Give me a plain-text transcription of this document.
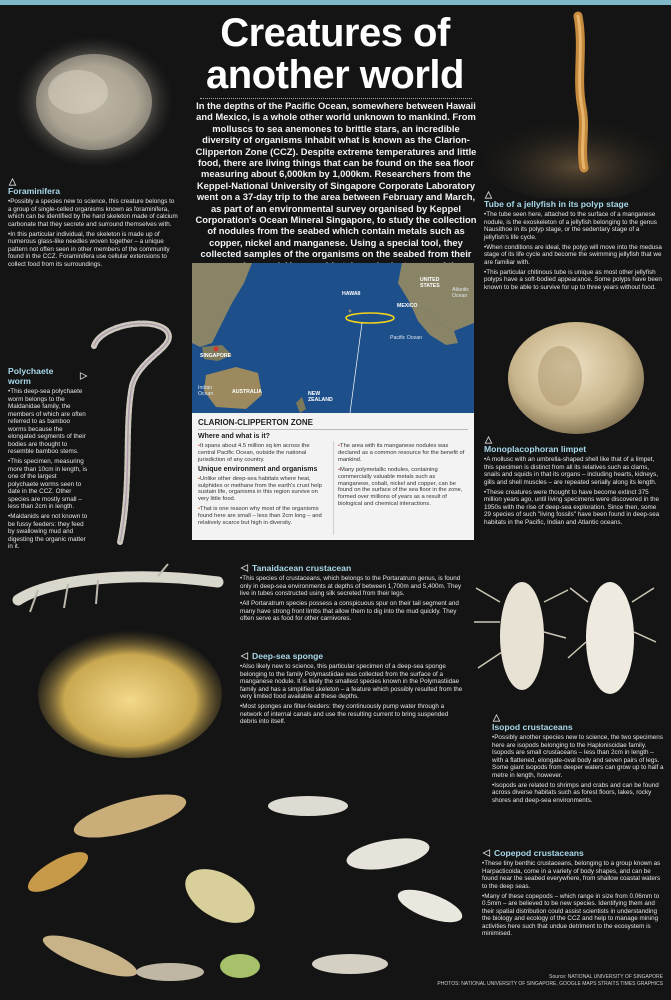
Creatures of
another world
In the depths of the Pacific Ocean, somewhere between Hawaii and Mexico, is a whole other world unknown to mankind. From molluscs to sea anemones to brittle stars, an incredible diversity of organisms inhabit what is known as the Clarion-Clipperton Zone (CCZ). Despite extreme temperatures and little food, there are living things that can be found on the sea floor measuring about 6,000km by 1,000km. Researchers from the Keppel-National University of Singapore Corporate Laboratory went on a 37-day trip to the area between February and March, as part of an environmental survey organised by Keppel Corporation's Ocean Mineral Singapore, to study the collection of nodules from the seabed which contain metals such as copper, nickel and manganese. Using a special tool, they collected samples of the organisms on the seabed from their
Foraminifera

• Possibly a species new to science, this creature belongs to a group of single-celled organisms known as foraminifera, which can be identified by the hard skeleton made of calcium carbonate that they secrete and surround themselves with.

• In this particular individual, the skeleton is made up of numerous glass-like needles woven together – a unique pattern not often seen in other members of the community found in the CCZ. Foraminifera use cellular extensions to collect food from its surroundings.

Polychaete worm

• This deep-sea polychaete worm belongs to the Maldanidae family, the members of which are often referred to as bamboo worms because the elongated segments of their bodies are thought to resemble bamboo stems.

• This specimen, measuring more than 10cm in length, is one of the largest polychaete worms seen to date in the CCZ. Other species are mostly small – less than 2cm in length.

• Maldanids are not known to be fussy feeders: they feed by swallowing mud and digesting the organic matter in it.

Tube of a jellyfish in its polyp stage

• The tube seen here, attached to the surface of a manganese nodule, is the exoskeleton of a jellyfish belonging to the genus Nausithoe in its polyp stage, or the sedentary stage of a jellyfish's life cycle.

• When conditions are ideal, the polyp will move into the medusa stage of its life cycle and become the swimming jellyfish that we are familiar with.

• This particular chitinous tube is unique as most other jellyfish polyps have a soft-bodied appearance. Some polyps have been known to be able to survive for up to three years without food.

Monoplacophoran limpet

• A mollusc with an umbrella-shaped shell like that of a limpet, this specimen is distinct from all its relatives such as clams, snails and squids in that its organs – including hearts, kidneys, gills and shell muscles – are repeated serially along its length.

• These creatures were thought to have become extinct 375 million years ago, until living specimens were discovered in the 1950s with the rise of deep-sea exploration. Since then, some 29 species of such "living fossils" have been found in deep-sea habitats in the Pacific, Indian and Atlantic oceans.

Tanaidacean crustacean

• This species of crustaceans, which belongs to the Portaratrum genus, is found only in deep-sea environments at depths of between 1,700m and 5,400m. They live in tubes constructed using silk secreted from their legs.

• All Portaratrum species possess a conspicuous spur on their tail segment and many have strong front limbs that allow them to dig into the mud quickly. They often serve as food for other carnivores.

Deep-sea sponge

• Also likely new to science, this particular specimen of a deep-sea sponge belonging to the family Polymastiidae was collected from the surface of a manganese nodule. It is likely the smallest species known in the Polymastiidae family and has a simplified skeleton – a feature which possibly resulted from the very limited food available at these depths.

• Most sponges are filter-feeders: they continuously pump water through a network of internal canals and use the resulting current to bring suspended debris into itself.

Isopod crustaceans

• Possibly another species new to science, the two specimens here are isopods belonging to the Haploniscidae family. Isopods are small crustaceans – less than 2cm in length – with a flattened, elongate-oval body and seven pairs of legs. Some giant isopods from deeper waters can grow up to half a metre in length, however.

• Isopods are related to shrimps and crabs and can be found across diverse habitats such as forest floors, lakes, rocky shores and deep-sea environments.

Copepod crustaceans

• These tiny benthic crustaceans, belonging to a group known as Harpacticoida, come in a variety of body shapes, and can be found near the seabed everywhere, from shallow coastal waters to the deep seas.

• Many of these copepods – which range in size from 0.06mm to 0.5mm – are believed to be new species. Identifying them and their spatial distribution could assist scientists in understanding the biology and ecology of the CCZ and help to manage mining activities here such that undue detriment to the ecosystem is minimised.

HAWAII
UNITED STATES
MEXICO
Atlantic Ocean
Pacific Ocean
SINGAPORE
Indian Ocean	AUSTRALIA	NEW ZEALAND
CLARION-CLIPPERTON ZONE
Where and what is it?

• It spans about 4.5 million sq km across the central Pacific Ocean, outside the national jurisdiction of any country.

Unique environment and organisms

• Unlike other deep-sea habitats where heat, sulphides or methane from the earth's crust help sustain life, organisms in this region survive on very little food.

• That is one reason why most of the organisms found here are small – less than 2cm long – and relatively scarce but high in diversity.

• The area with its manganese nodules was declared as a common resource for the benefit of mankind.

• Many polymetallic nodules, containing commercially valuable metals such as manganese, cobalt, nickel and copper, can be found on the surface of the sea floor in the zone, formed over millions of years as a result of biological and chemical interactions.

Source: NATIONAL UNIVERSITY OF SINGAPORE
PHOTOS: NATIONAL UNIVERSITY OF SINGAPORE, GOOGLE MAPS STRAITS TIMES GRAPHICS
